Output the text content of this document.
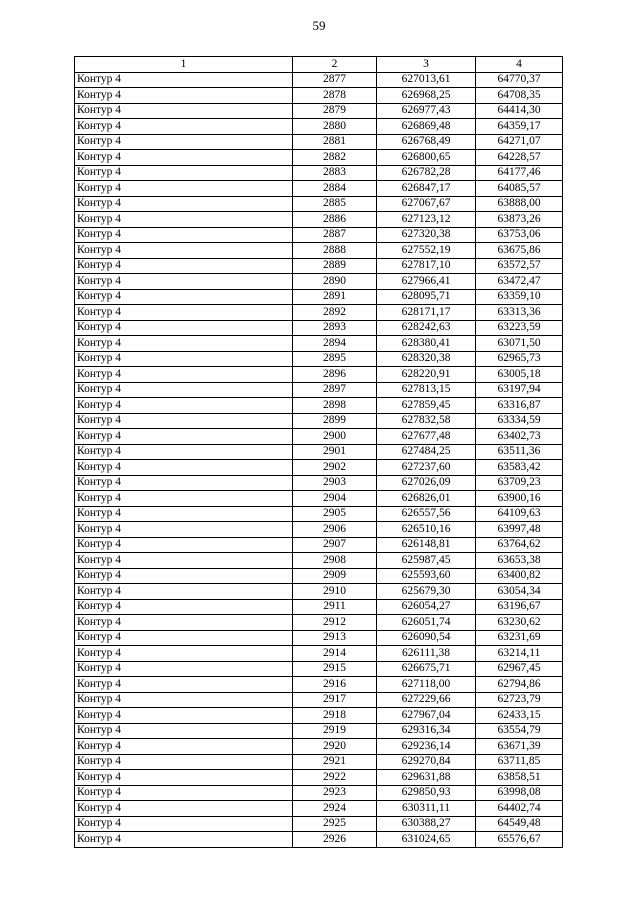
59
1	2	3	4
Контур 4	2877	627013,61	64770,37
Контур 4	2878	626968,25	64708,35
Контур 4	2879	626977,43	64414,30
Контур 4	2880	626869,48	64359,17
Контур 4	2881	626768,49	64271,07
Контур 4	2882	626800,65	64228,57
Контур 4	2883	626782,28	64177,46
Контур 4	2884	626847,17	64085,57
Контур 4	2885	627067,67	63888,00
Контур 4	2886	627123,12	63873,26
Контур 4	2887	627320,38	63753,06
Контур 4	2888	627552,19	63675,86
Контур 4	2889	627817,10	63572,57
Контур 4	2890	627966,41	63472,47
Контур 4	2891	628095,71	63359,10
Контур 4	2892	628171,17	63313,36
Контур 4	2893	628242,63	63223,59
Контур 4	2894	628380,41	63071,50
Контур 4	2895	628320,38	62965,73
Контур 4	2896	628220,91	63005,18
Контур 4	2897	627813,15	63197,94
Контур 4	2898	627859,45	63316,87
Контур 4	2899	627832,58	63334,59
Контур 4	2900	627677,48	63402,73
Контур 4	2901	627484,25	63511,36
Контур 4	2902	627237,60	63583,42
Контур 4	2903	627026,09	63709,23
Контур 4	2904	626826,01	63900,16
Контур 4	2905	626557,56	64109,63
Контур 4	2906	626510,16	63997,48
Контур 4	2907	626148,81	63764,62
Контур 4	2908	625987,45	63653,38
Контур 4	2909	625593,60	63400,82
Контур 4	2910	625679,30	63054,34
Контур 4	2911	626054,27	63196,67
Контур 4	2912	626051,74	63230,62
Контур 4	2913	626090,54	63231,69
Контур 4	2914	626111,38	63214,11
Контур 4	2915	626675,71	62967,45
Контур 4	2916	627118,00	62794,86
Контур 4	2917	627229,66	62723,79
Контур 4	2918	627967,04	62433,15
Контур 4	2919	629316,34	63554,79
Контур 4	2920	629236,14	63671,39
Контур 4	2921	629270,84	63711,85
Контур 4	2922	629631,88	63858,51
Контур 4	2923	629850,93	63998,08
Контур 4	2924	630311,11	64402,74
Контур 4	2925	630388,27	64549,48
Контур 4	2926	631024,65	65576,67
